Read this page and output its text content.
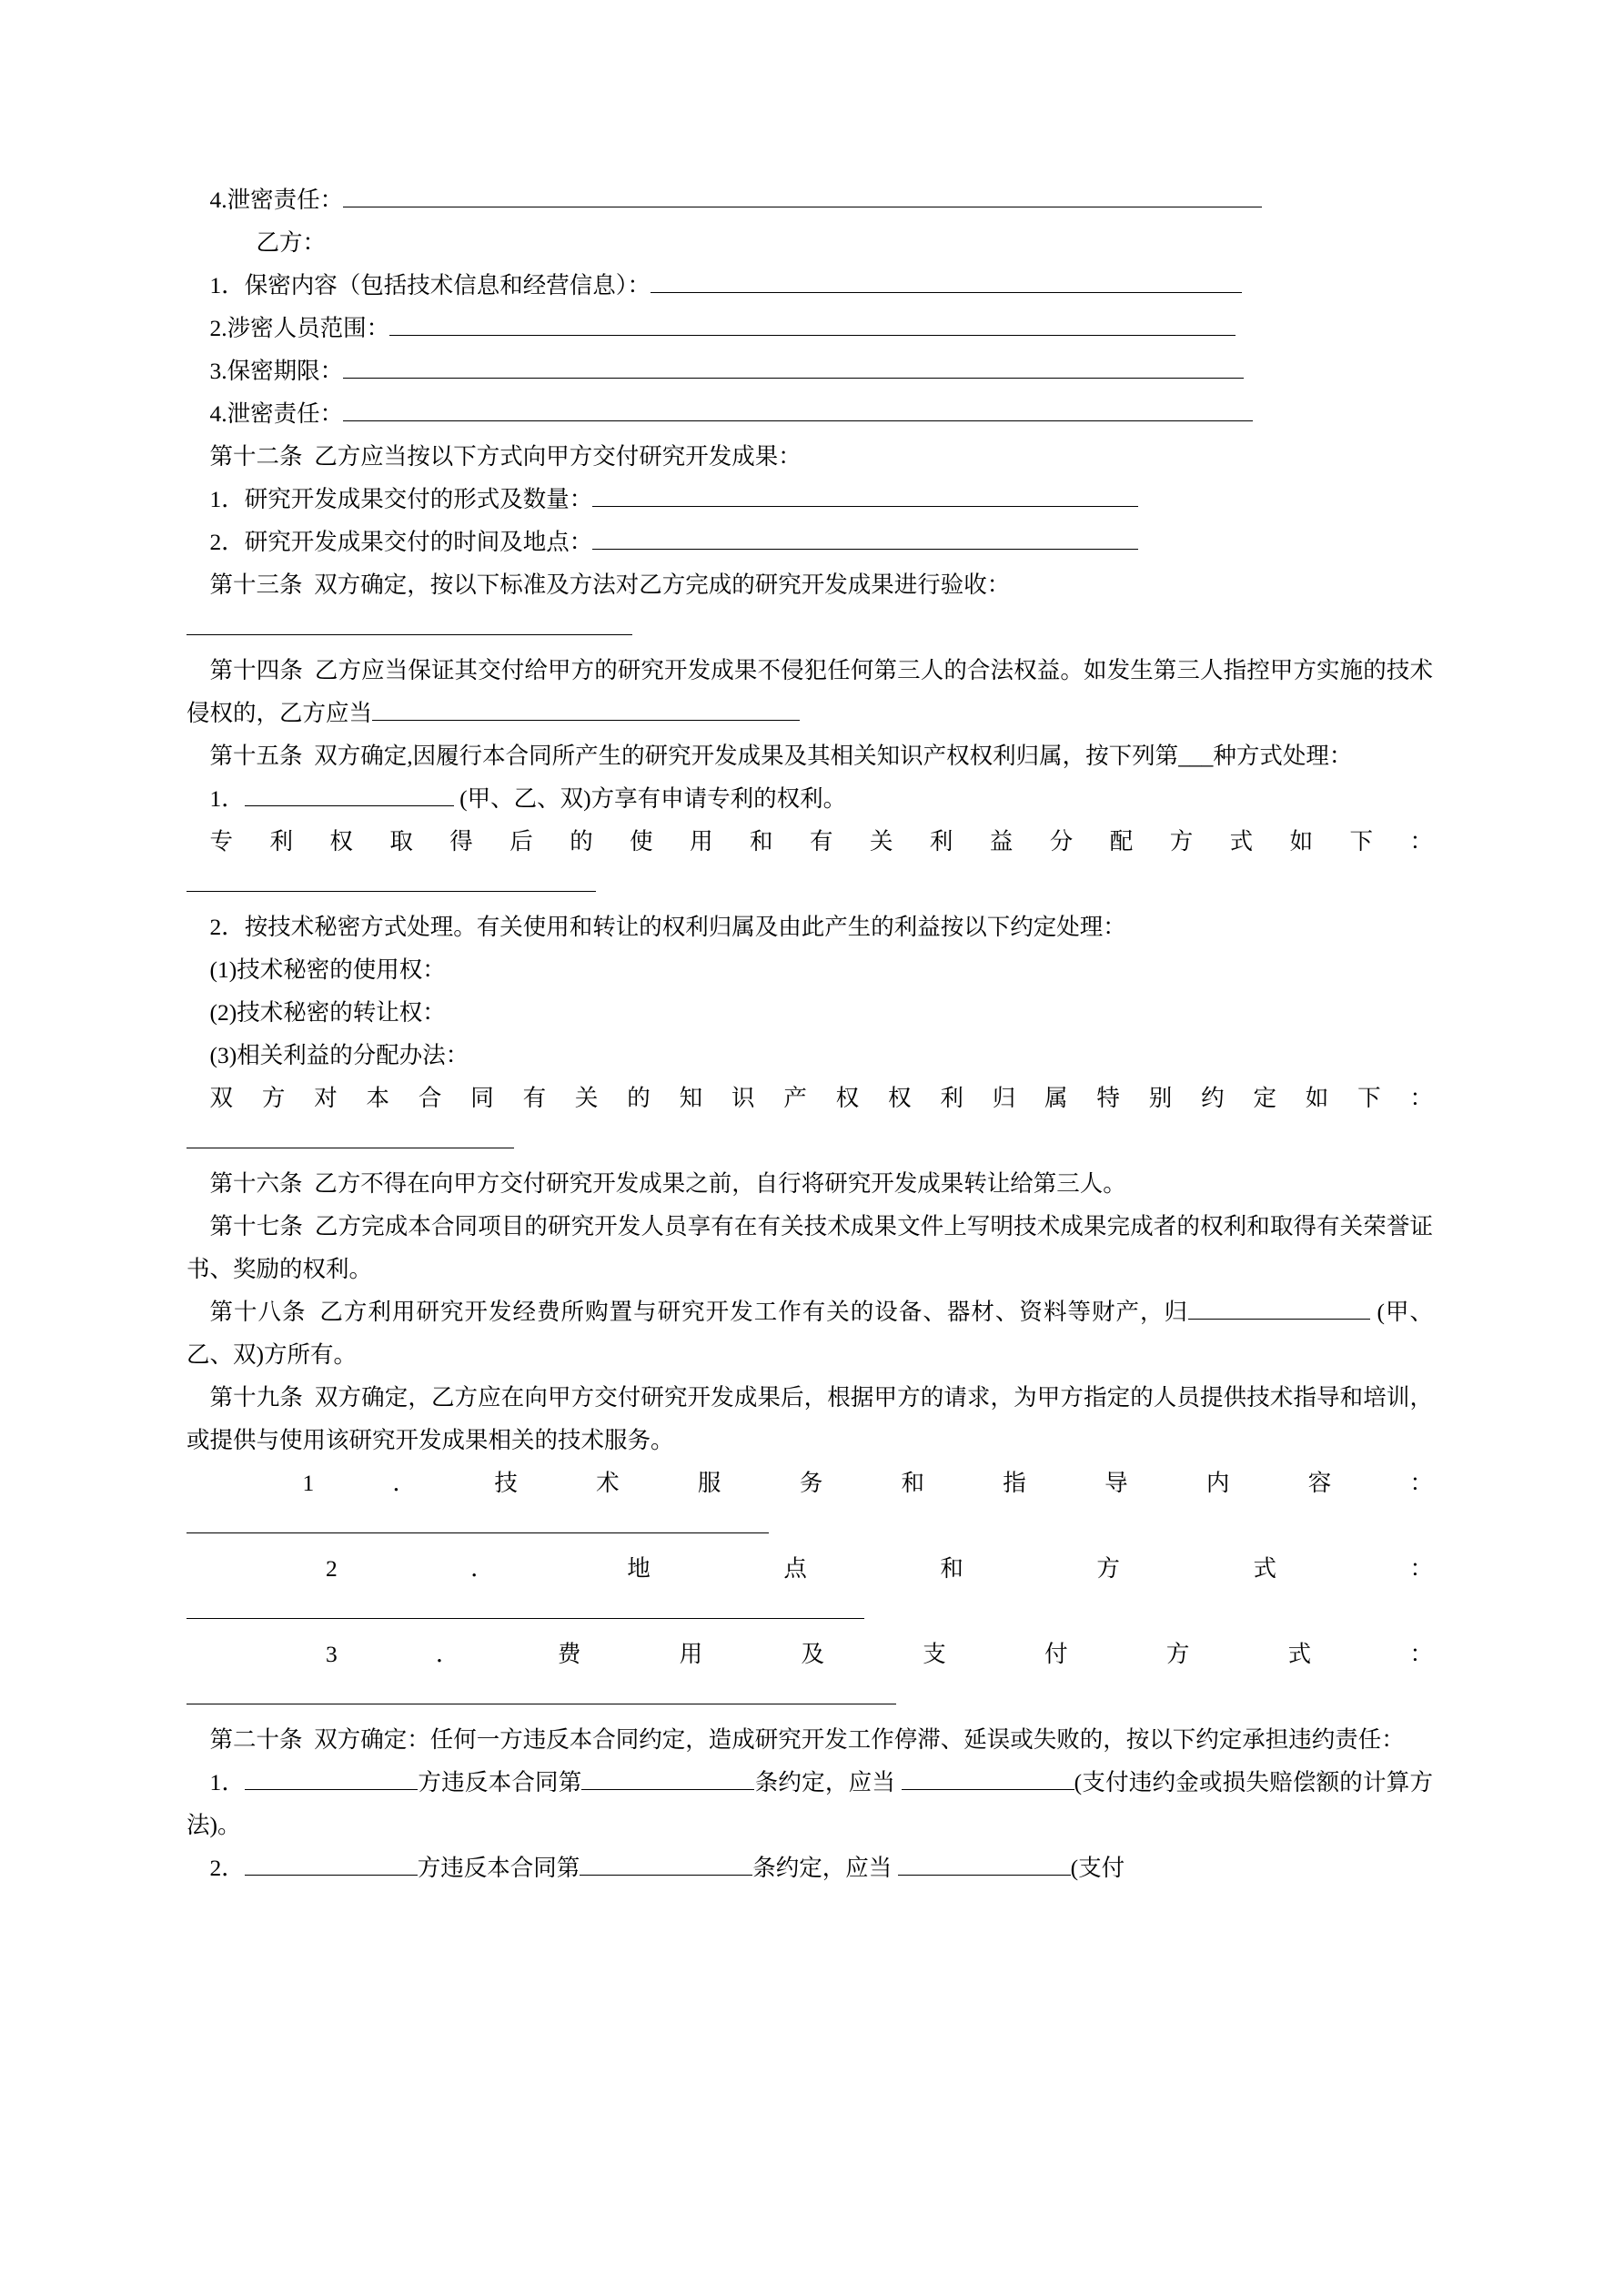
4.泄密责任：
乙方：
1．保密内容（包括技术信息和经营信息）：
2.涉密人员范围：
3.保密期限：
4.泄密责任：
第十二条  乙方应当按以下方式向甲方交付研究开发成果：
1．研究开发成果交付的形式及数量：
2．研究开发成果交付的时间及地点：
第十三条  双方确定，按以下标准及方法对乙方完成的研究开发成果进行验收：
第十四条  乙方应当保证其交付给甲方的研究开发成果不侵犯任何第三人的合法权益。如发生第三人指控甲方实施的技术侵权的，乙方应当
第十五条  双方确定,因履行本合同所产生的研究开发成果及其相关知识产权权利归属，按下列第___种方式处理：
1．	(甲、乙、双)方享有申请专利的权利。
专利权取得后的使用和有关利益分配方式如下：
2．按技术秘密方式处理。有关使用和转让的权利归属及由此产生的利益按以下约定处理：
(1)技术秘密的使用权：
(2)技术秘密的转让权：
(3)相关利益的分配办法：
双方对本合同有关的知识产权权利归属特别约定如下：
第十六条  乙方不得在向甲方交付研究开发成果之前，自行将研究开发成果转让给第三人。
第十七条  乙方完成本合同项目的研究开发人员享有在有关技术成果文件上写明技术成果完成者的权利和取得有关荣誉证书、奖励的权利。
第十八条  乙方利用研究开发经费所购置与研究开发工作有关的设备、器材、资料等财产，归	(甲、乙、双)方所有。
第十九条  双方确定，乙方应在向甲方交付研究开发成果后，根据甲方的请求，为甲方指定的人员提供技术指导和培训，或提供与使用该研究开发成果相关的技术服务。
1．技术服务和指导内容：
2．地点和方式：
3．费用及支付方式：
第二十条  双方确定：任何一方违反本合同约定，造成研究开发工作停滞、延误或失败的，按以下约定承担违约责任：
1．	方违反本合同第	条约定，应当	(支付违约金或损失赔偿额的计算方法)。
2．	方违反本合同第	条约定，应当	(支付
